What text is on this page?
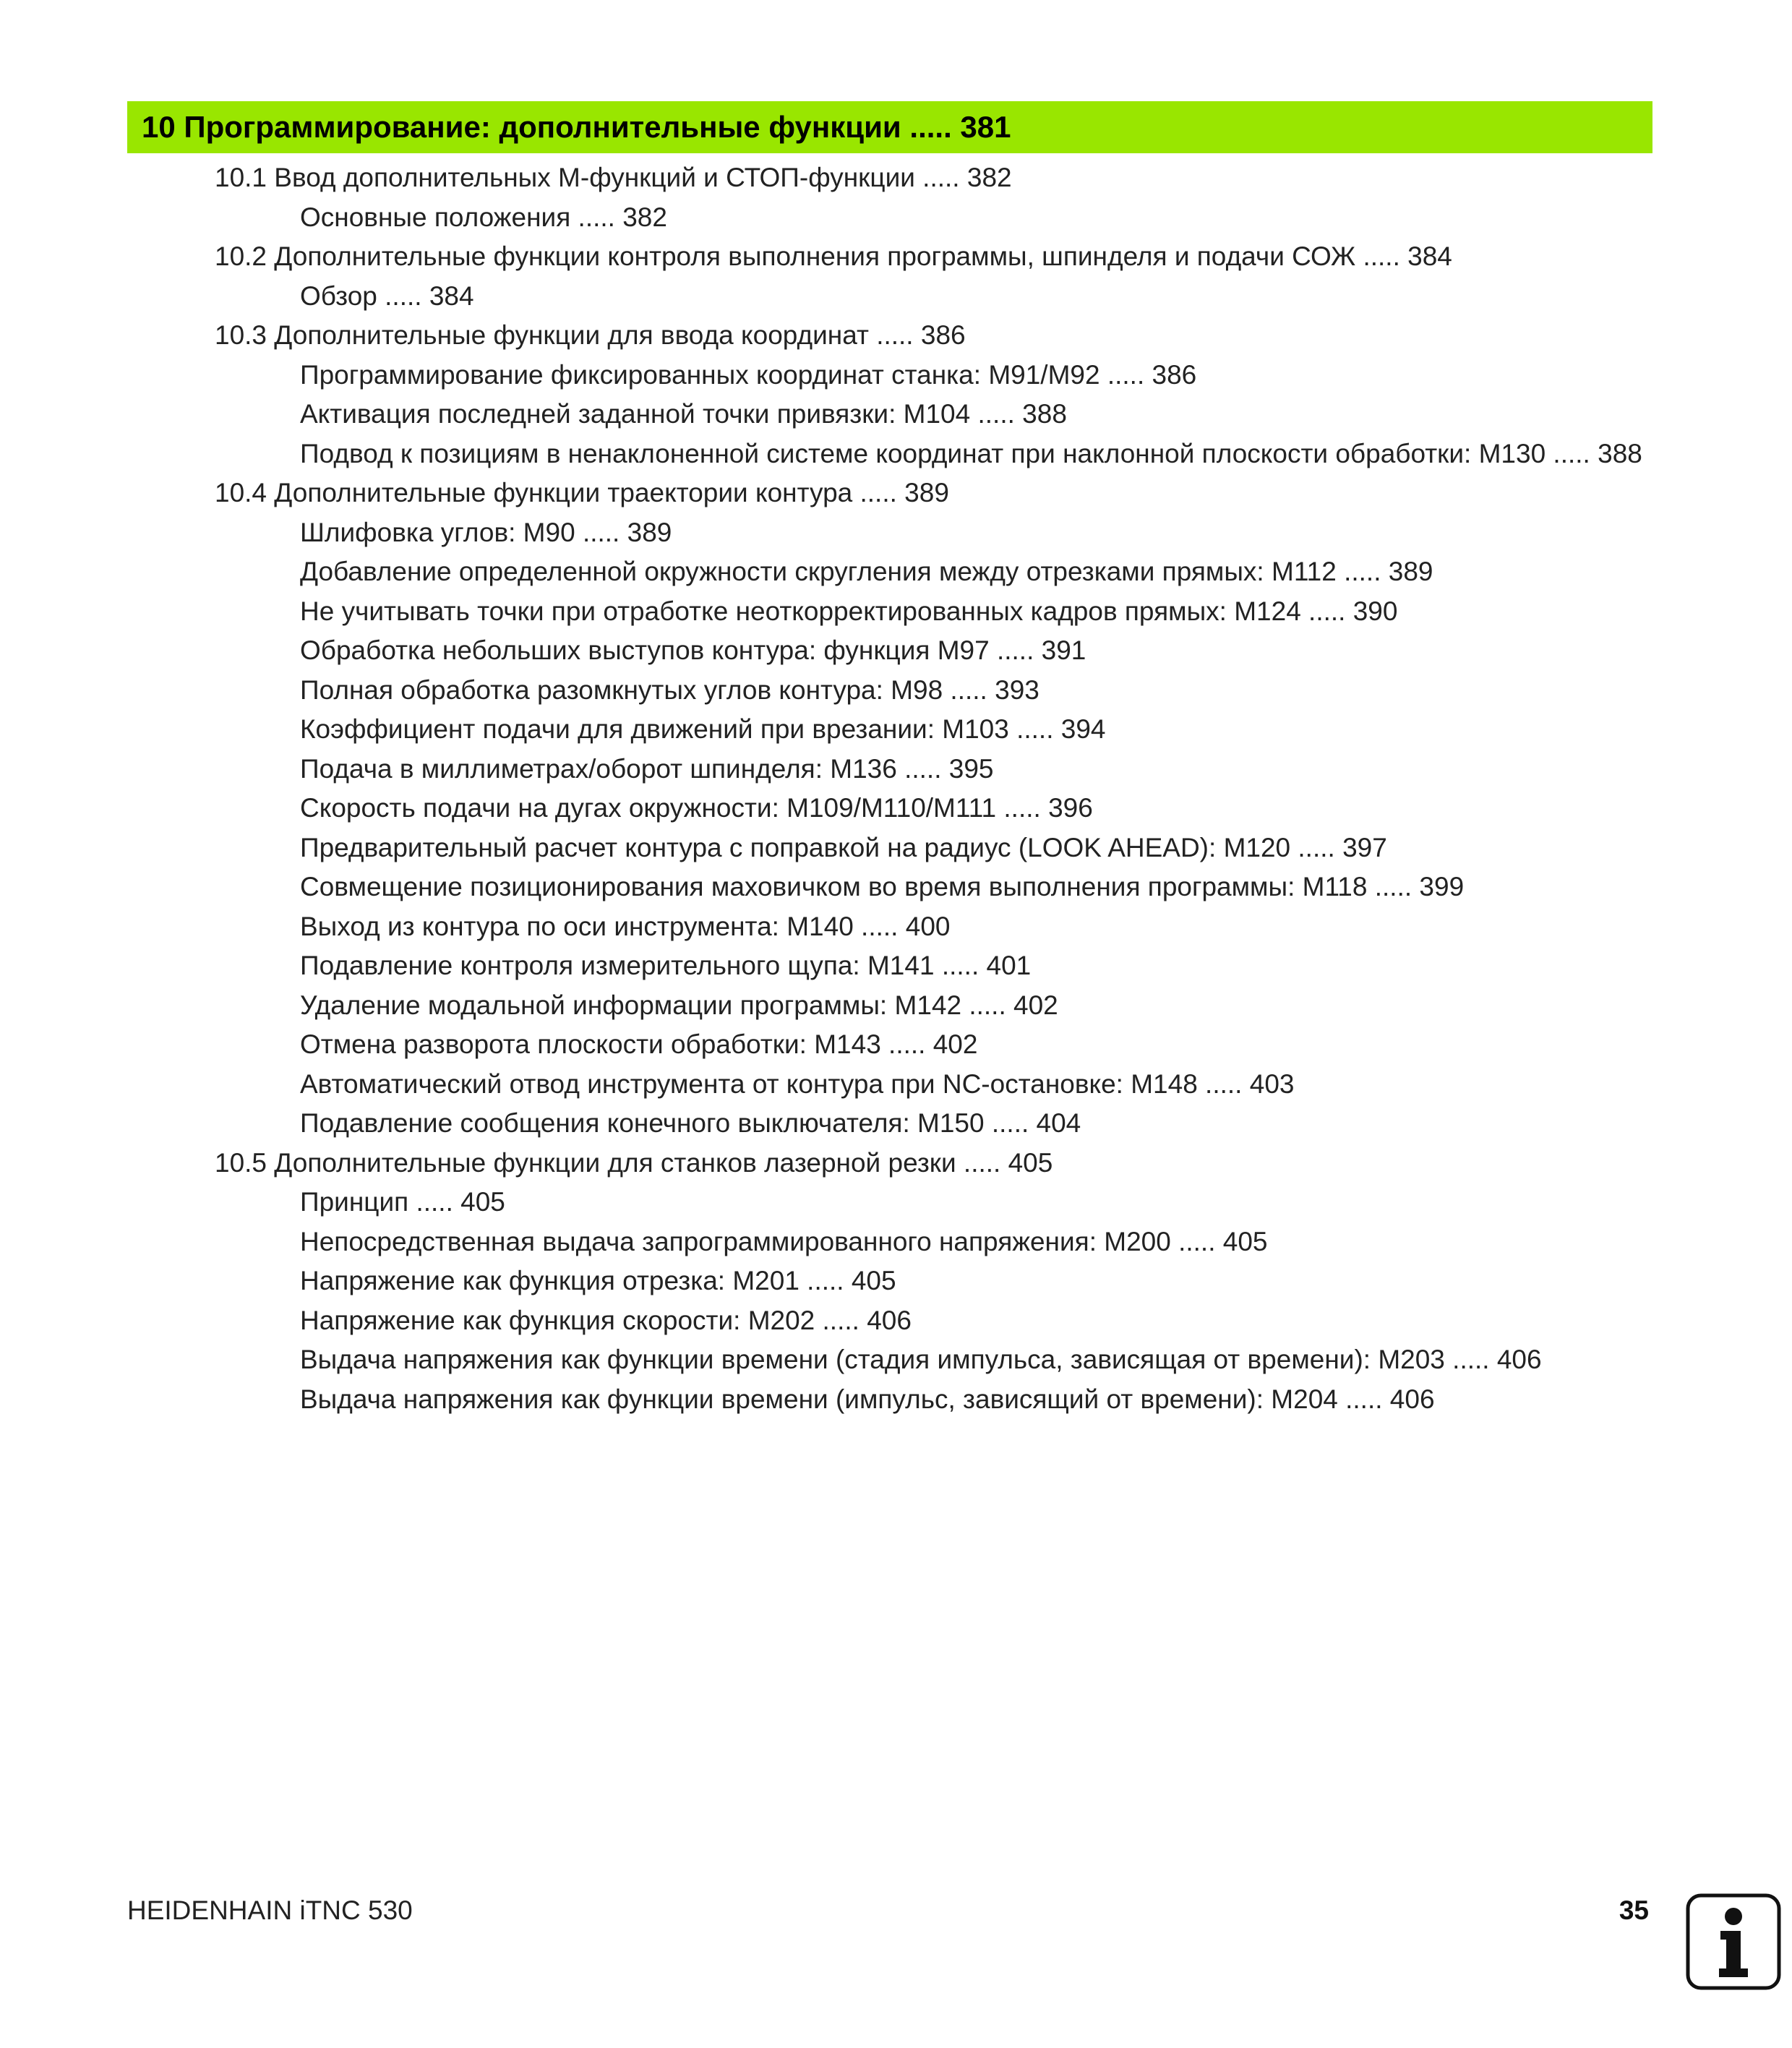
10 Программирование: дополнительные функции ..... 381
10.1 Ввод дополнительных М-функций и СТОП-функции ..... 382
Основные положения ..... 382
10.2 Дополнительные функции контроля выполнения программы, шпинделя и подачи СОЖ ..... 384
Обзор ..... 384
10.3 Дополнительные функции для ввода координат ..... 386
Программирование фиксированных координат станка: M91/M92 ..... 386
Активация последней заданной точки привязки: M104 ..... 388
Подвод к позициям в ненаклоненной системе координат при наклонной плоскости обработки: M130 ..... 388
10.4 Дополнительные функции траектории контура ..... 389
Шлифовка углов: M90 ..... 389
Добавление определенной окружности скругления между отрезками прямых: M112 ..... 389
Не учитывать точки при отработке неоткорректированных кадров прямых: M124 ..... 390
Обработка небольших выступов контура: функция M97 ..... 391
Полная обработка разомкнутых углов контура: M98 ..... 393
Коэффициент подачи для движений при врезании: M103 ..... 394
Подача в миллиметрах/оборот шпинделя: M136 ..... 395
Скорость подачи на дугах окружности: M109/M110/M111 ..... 396
Предварительный расчет контура с поправкой на радиус (LOOK AHEAD): M120 ..... 397
Совмещение позиционирования маховичком во время выполнения программы: M118 ..... 399
Выход из контура по оси инструмента: M140 ..... 400
Подавление контроля измерительного щупа: M141 ..... 401
Удаление модальной информации программы: M142 ..... 402
Отмена разворота плоскости обработки: M143 ..... 402
Автоматический отвод инструмента от контура при NC-остановке: M148 ..... 403
Подавление сообщения конечного выключателя: M150 ..... 404
10.5 Дополнительные функции для станков лазерной резки ..... 405
Принцип ..... 405
Непосредственная выдача запрограммированного напряжения: M200 ..... 405
Напряжение как функция отрезка: M201 ..... 405
Напряжение как функция скорости: M202 ..... 406
Выдача напряжения как функции времени (стадия импульса, зависящая от времени): M203 ..... 406
Выдача напряжения как функции времени (импульс, зависящий от времени): M204 ..... 406
HEIDENHAIN iTNC 530	35
